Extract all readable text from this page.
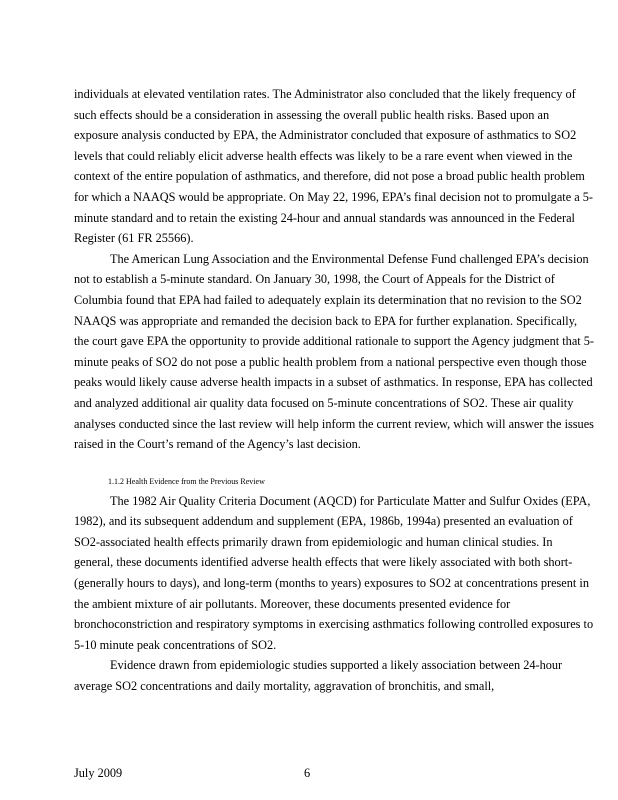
individuals at elevated ventilation rates. The Administrator also concluded that the likely frequency of such effects should be a consideration in assessing the overall public health risks. Based upon an exposure analysis conducted by EPA, the Administrator concluded that exposure of asthmatics to SO2 levels that could reliably elicit adverse health effects was likely to be a rare event when viewed in the context of the entire population of asthmatics, and therefore, did not pose a broad public health problem for which a NAAQS would be appropriate. On May 22, 1996, EPA’s final decision not to promulgate a 5-minute standard and to retain the existing 24-hour and annual standards was announced in the Federal Register (61 FR 25566).

The American Lung Association and the Environmental Defense Fund challenged EPA’s decision not to establish a 5-minute standard. On January 30, 1998, the Court of Appeals for the District of Columbia found that EPA had failed to adequately explain its determination that no revision to the SO2 NAAQS was appropriate and remanded the decision back to EPA for further explanation. Specifically, the court gave EPA the opportunity to provide additional rationale to support the Agency judgment that 5-minute peaks of SO2 do not pose a public health problem from a national perspective even though those peaks would likely cause adverse health impacts in a subset of asthmatics. In response, EPA has collected and analyzed additional air quality data focused on 5-minute concentrations of SO2. These air quality analyses conducted since the last review will help inform the current review, which will answer the issues raised in the Court’s remand of the Agency’s last decision.

1.1.2 Health Evidence from the Previous Review

The 1982 Air Quality Criteria Document (AQCD) for Particulate Matter and Sulfur Oxides (EPA, 1982), and its subsequent addendum and supplement (EPA, 1986b, 1994a) presented an evaluation of SO2-associated health effects primarily drawn from epidemiologic and human clinical studies. In general, these documents identified adverse health effects that were likely associated with both short- (generally hours to days), and long-term (months to years) exposures to SO2 at concentrations present in the ambient mixture of air pollutants. Moreover, these documents presented evidence for bronchoconstriction and respiratory symptoms in exercising asthmatics following controlled exposures to 5-10 minute peak concentrations of SO2.

Evidence drawn from epidemiologic studies supported a likely association between 24-hour average SO2 concentrations and daily mortality, aggravation of bronchitis, and small,

July 2009	6
